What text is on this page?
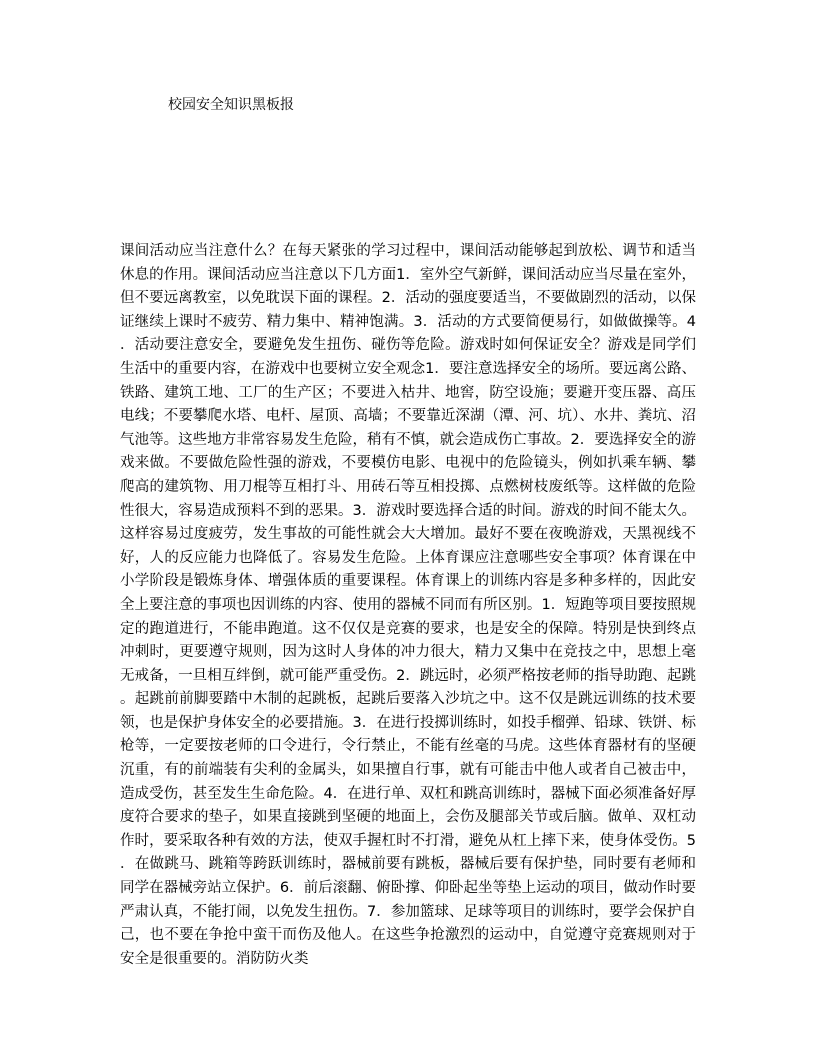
校园安全知识黑板报

课间活动应当注意什么？在每天紧张的学习过程中，课间活动能够起到放松、调节和适当休息的作用。课间活动应当注意以下几方面1．室外空气新鲜，课间活动应当尽量在室外，但不要远离教室，以免耽误下面的课程。2．活动的强度要适当，不要做剧烈的活动，以保证继续上课时不疲劳、精力集中、精神饱满。3．活动的方式要简便易行，如做做操等。4．活动要注意安全，要避免发生扭伤、碰伤等危险。游戏时如何保证安全？游戏是同学们生活中的重要内容，在游戏中也要树立安全观念1．要注意选择安全的场所。要远离公路、铁路、建筑工地、工厂的生产区；不要进入枯井、地窖，防空设施；要避开变压器、高压电线；不要攀爬水塔、电杆、屋顶、高墙；不要靠近深湖（潭、河、坑）、水井、粪坑、沼气池等。这些地方非常容易发生危险，稍有不慎，就会造成伤亡事故。2．要选择安全的游戏来做。不要做危险性强的游戏，不要模仿电影、电视中的危险镜头，例如扒乘车辆、攀爬高的建筑物、用刀棍等互相打斗、用砖石等互相投掷、点燃树枝废纸等。这样做的危险性很大，容易造成预料不到的恶果。3．游戏时要选择合适的时间。游戏的时间不能太久。这样容易过度疲劳，发生事故的可能性就会大大增加。最好不要在夜晚游戏，天黑视线不好，人的反应能力也降低了。容易发生危险。上体育课应注意哪些安全事项？体育课在中小学阶段是锻炼身体、增强体质的重要课程。体育课上的训练内容是多种多样的，因此安全上要注意的事项也因训练的内容、使用的器械不同而有所区别。1．短跑等项目要按照规定的跑道进行，不能串跑道。这不仅仅是竞赛的要求，也是安全的保障。特别是快到终点冲刺时，更要遵守规则，因为这时人身体的冲力很大，精力又集中在竞技之中，思想上毫无戒备，一旦相互绊倒，就可能严重受伤。2．跳远时，必须严格按老师的指导助跑、起跳。起跳前前脚要踏中木制的起跳板，起跳后要落入沙坑之中。这不仅是跳远训练的技术要领，也是保护身体安全的必要措施。3．在进行投掷训练时，如投手榴弹、铅球、铁饼、标枪等，一定要按老师的口令进行，令行禁止，不能有丝毫的马虎。这些体育器材有的坚硬沉重，有的前端装有尖利的金属头，如果擅自行事，就有可能击中他人或者自己被击中，造成受伤，甚至发生生命危险。4．在进行单、双杠和跳高训练时，器械下面必须准备好厚度符合要求的垫子，如果直接跳到坚硬的地面上，会伤及腿部关节或后脑。做单、双杠动作时，要采取各种有效的方法，使双手握杠时不打滑，避免从杠上摔下来，使身体受伤。5．在做跳马、跳箱等跨跃训练时，器械前要有跳板，器械后要有保护垫，同时要有老师和同学在器械旁站立保护。6．前后滚翻、俯卧撑、仰卧起坐等垫上运动的项目，做动作时要严肃认真，不能打闹，以免发生扭伤。7．参加篮球、足球等项目的训练时，要学会保护自己，也不要在争抢中蛮干而伤及他人。在这些争抢激烈的运动中，自觉遵守竞赛规则对于安全是很重要的。消防防火类
